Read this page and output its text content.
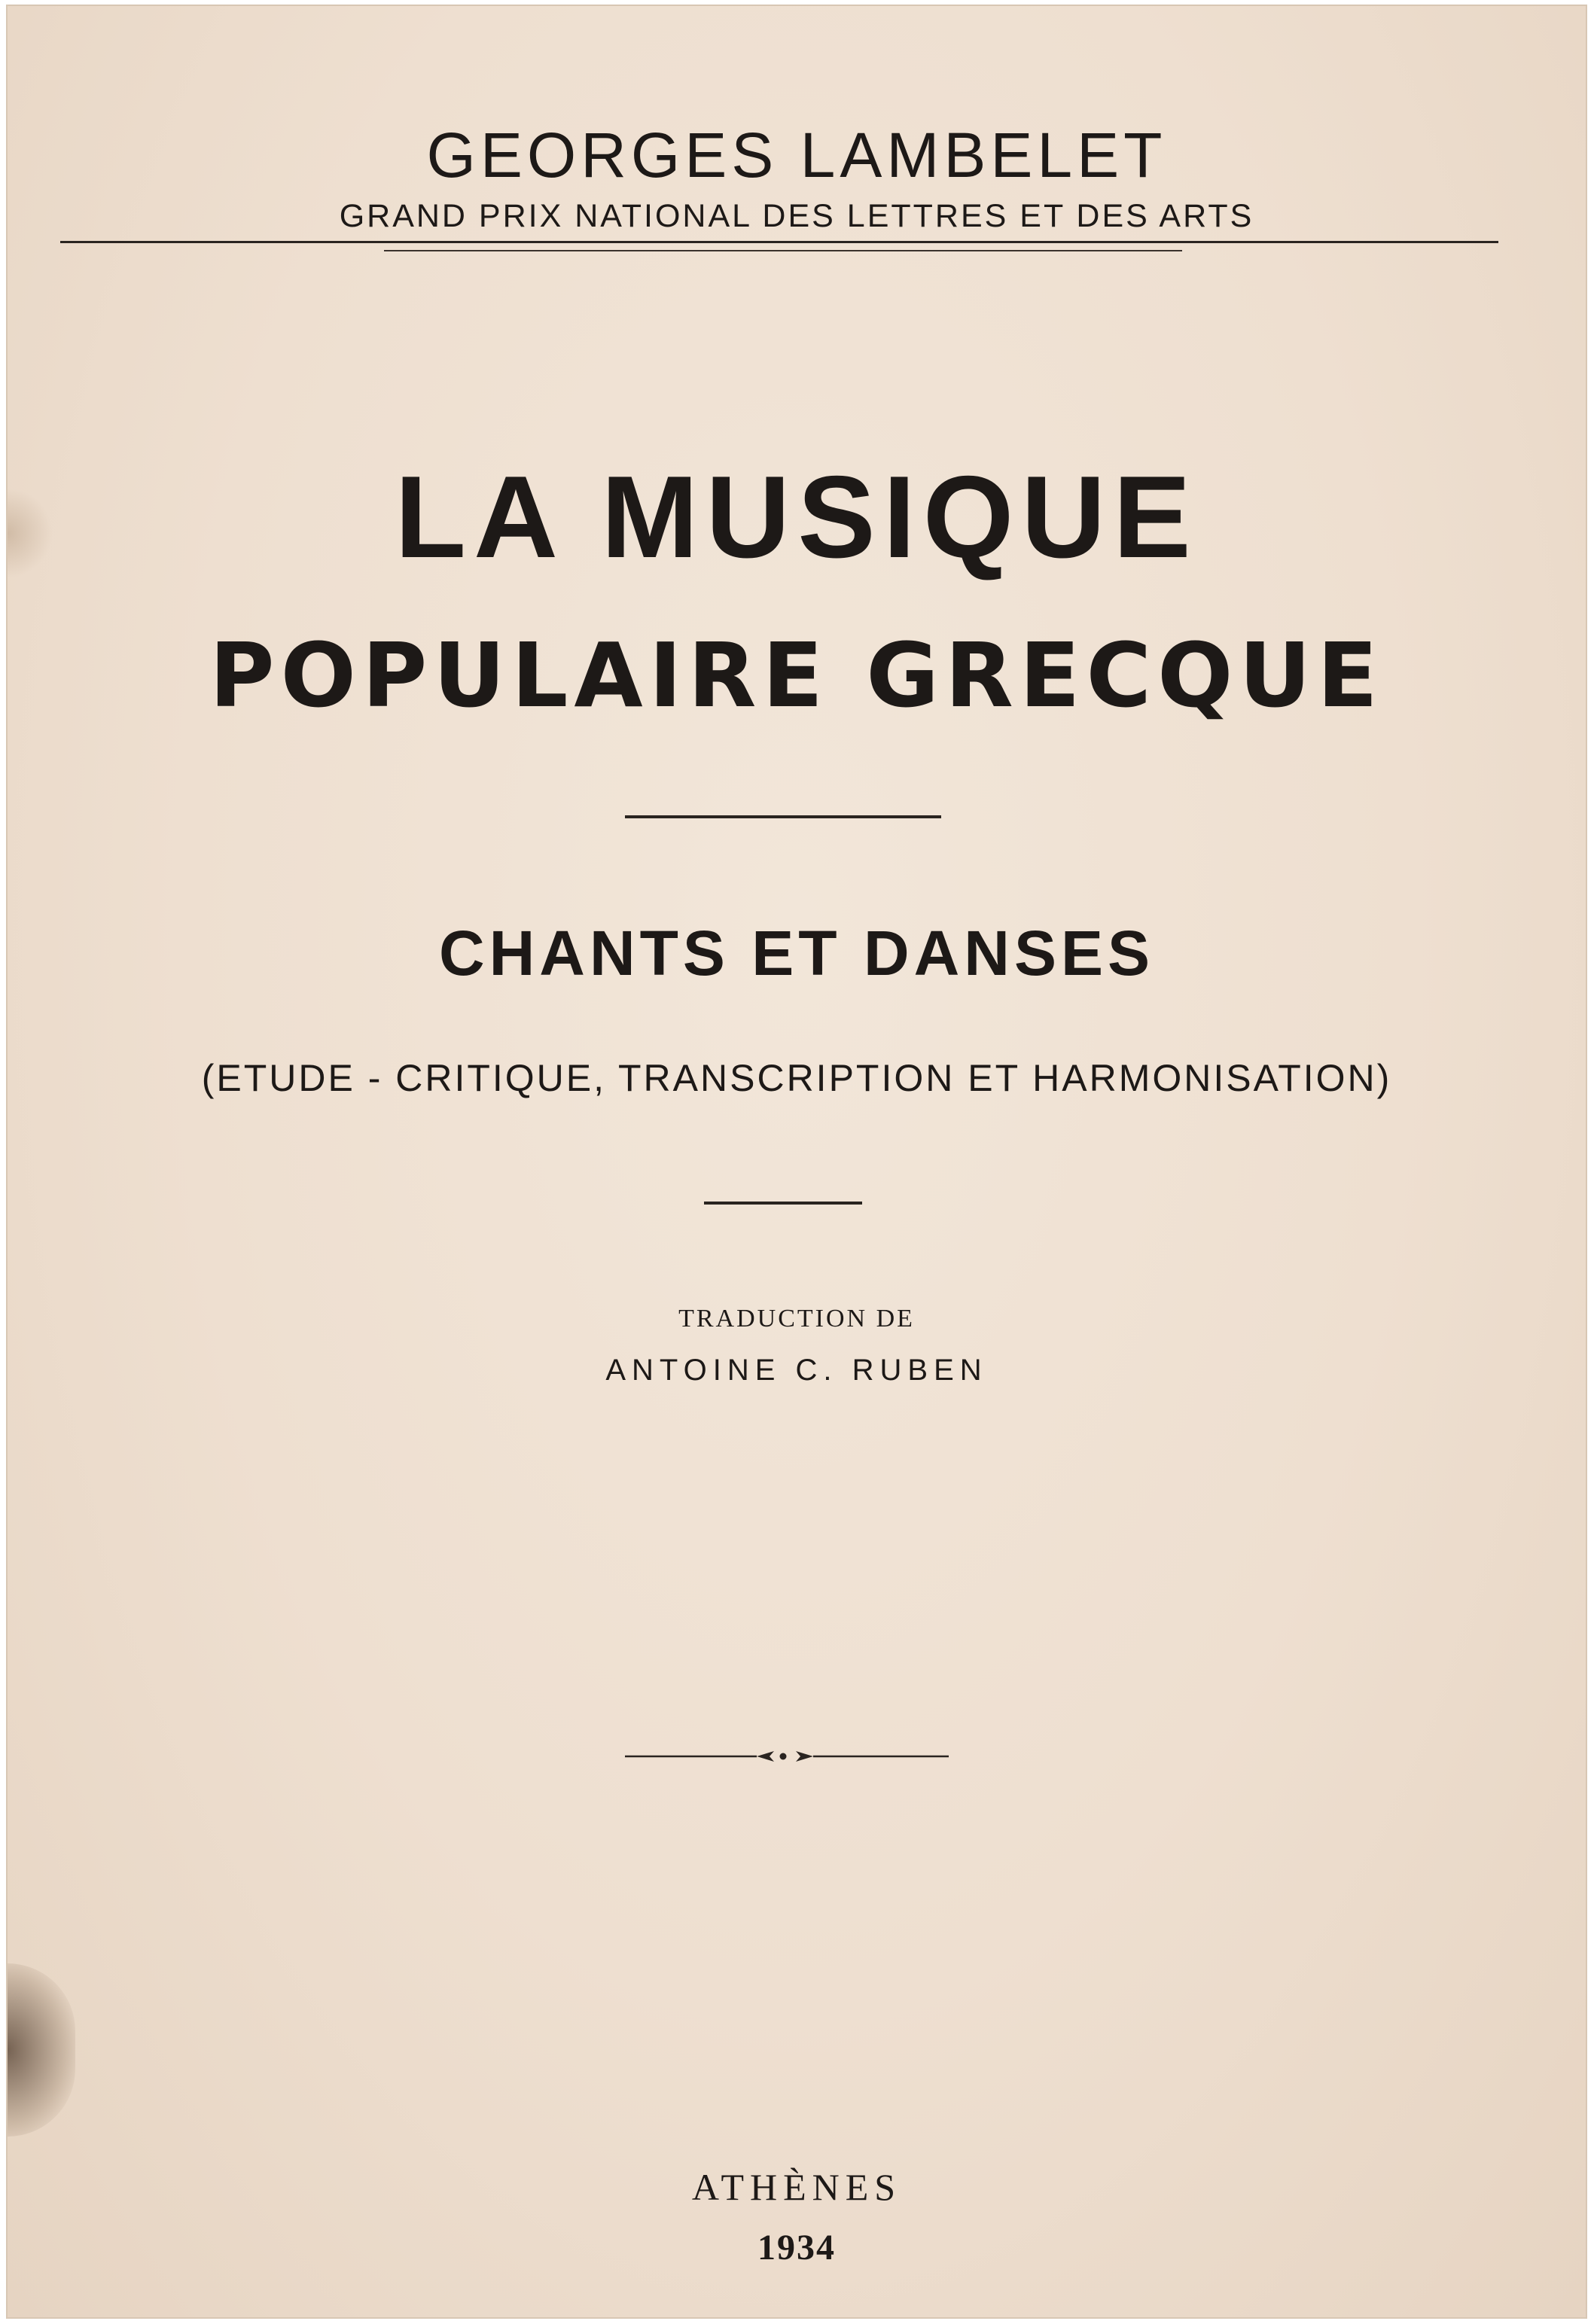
GEORGES LAMBELET

GRAND PRIX NATIONAL DES LETTRES ET DES ARTS

LA MUSIQUE
POPULAIRE GRECQUE
CHANTS ET DANSES

(ETUDE - CRITIQUE, TRANSCRIPTION ET HARMONISATION)

TRADUCTION DE

ANTOINE C. RUBEN

ATHÈNES

1934
